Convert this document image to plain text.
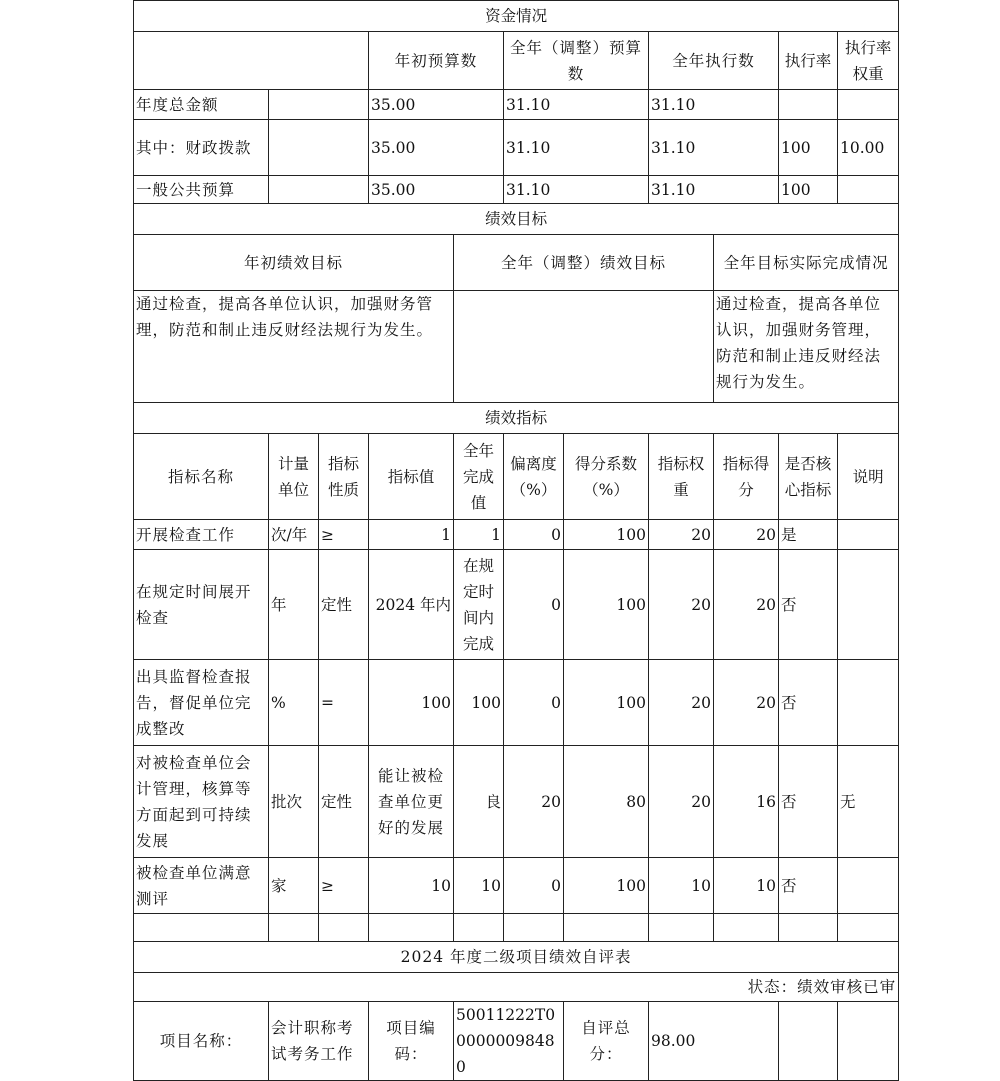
资金情况										
			年初预算数		全年（调整）预算数		全年执行数		执行率	执行率权重
年度总金额			35.00		31.10		31.10			
其中：财政拨款			35.00		31.10		31.10		100	10.00
一般公共预算			35.00		31.10		31.10		100	
绩效目标										
年初绩效目标				全年（调整）绩效目标				全年目标实际完成情况		
通过检查，提高各单位认识，加强财务管理，防范和制止违反财经法规行为发生。								通过检查，提高各单位认识，加强财务管理，防范和制止违反财经法规行为发生。		
绩效指标										
指标名称	计量单位	指标性质	指标值	全年完成值	偏离度（%）	得分系数（%）	指标权重	指标得分	是否核心指标	说明
开展检查工作	次/年	≥	1	1	0	100	20	20	是	
在规定时间展开检查	年	定性	2024 年内	在规定时间内完成	0	100	20	20	否	
出具监督检查报告，督促单位完成整改	%	=	100	100	0	100	20	20	否	
对被检查单位会计管理，核算等方面起到可持续发展	批次	定性	能让被检查单位更好的发展	良	20	80	20	16	否	无
被检查单位满意测评	家	≥	10	10	0	100	10	10	否	

2024 年度二级项目绩效自评表										
状态：绩效审核已审										
项目名称：	会计职称考试考务工作		项目编码：	50011222T000000098480		自评总分：	98.00			
